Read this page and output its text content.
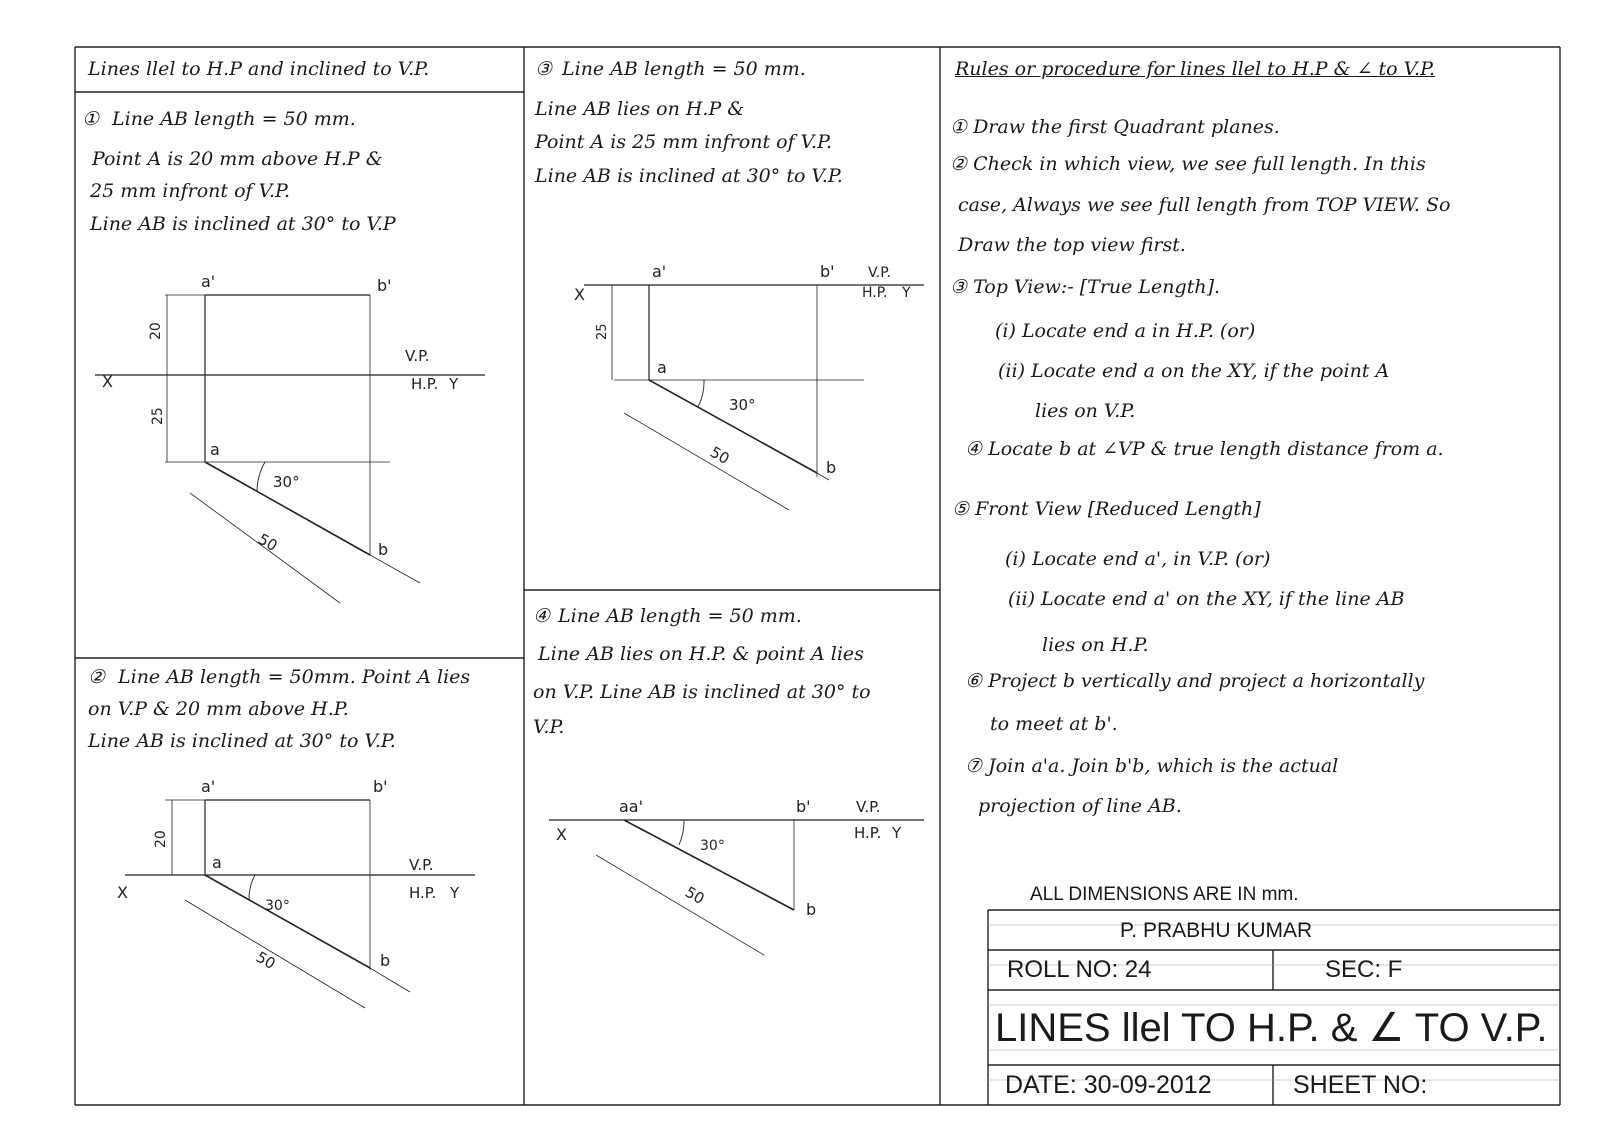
Lines llel to H.P and inclined to V.P.
① Line AB length = 50 mm.
Point A is 20 mm above H.P &
25 mm infront of V.P.
Line AB is inclined at 30° to V.P
a'	b'
V.P.
H.P. Y
X
20
25
a
30°
50	b
② Line AB length = 50mm. Point A lies
on V.P & 20 mm above H.P.
Line AB is inclined at 30° to V.P.
a'	b'
V.P.
H.P. Y
X
20
a
30°
50	b
③ Line AB length = 50 mm.
Line AB lies on H.P &
Point A is 25 mm infront of V.P.
Line AB is inclined at 30° to V.P.
X
a'	b' V.P.
H.P. Y
25
a
30°
50	b
④ Line AB length = 50 mm.
Line AB lies on H.P. & point A lies
on V.P. Line AB is inclined at 30° to
V.P.
aa'	b'	V.P.
H.P. Y
X
30°
50
b
Rules or procedure for lines llel to H.P & ∠ to V.P.
① Draw the first Quadrant planes.
② Check in which view, we see full length. In this
case, Always we see full length from TOP VIEW. So
Draw the top view first.
③ Top View:- [True Length].
(i) Locate end a in H.P. (or)
(ii) Locate end a on the XY, if the point A
lies on V.P.
④ Locate b at ∠VP & true length distance from a.
⑤ Front View [Reduced Length]
(i) Locate end a', in V.P. (or)
(ii) Locate end a' on the XY, if the line AB
lies on H.P.
⑥ Project b vertically and project a horizontally
to meet at b'.
⑦ Join a'a. Join b'b, which is the actual
projection of line AB.
ALL DIMENSIONS ARE IN mm.
P. PRABHU KUMAR
ROLL NO: 24	SEC: F
LINES llel TO H.P. & ∠ TO V.P.
DATE: 30-09-2012	SHEET NO:
